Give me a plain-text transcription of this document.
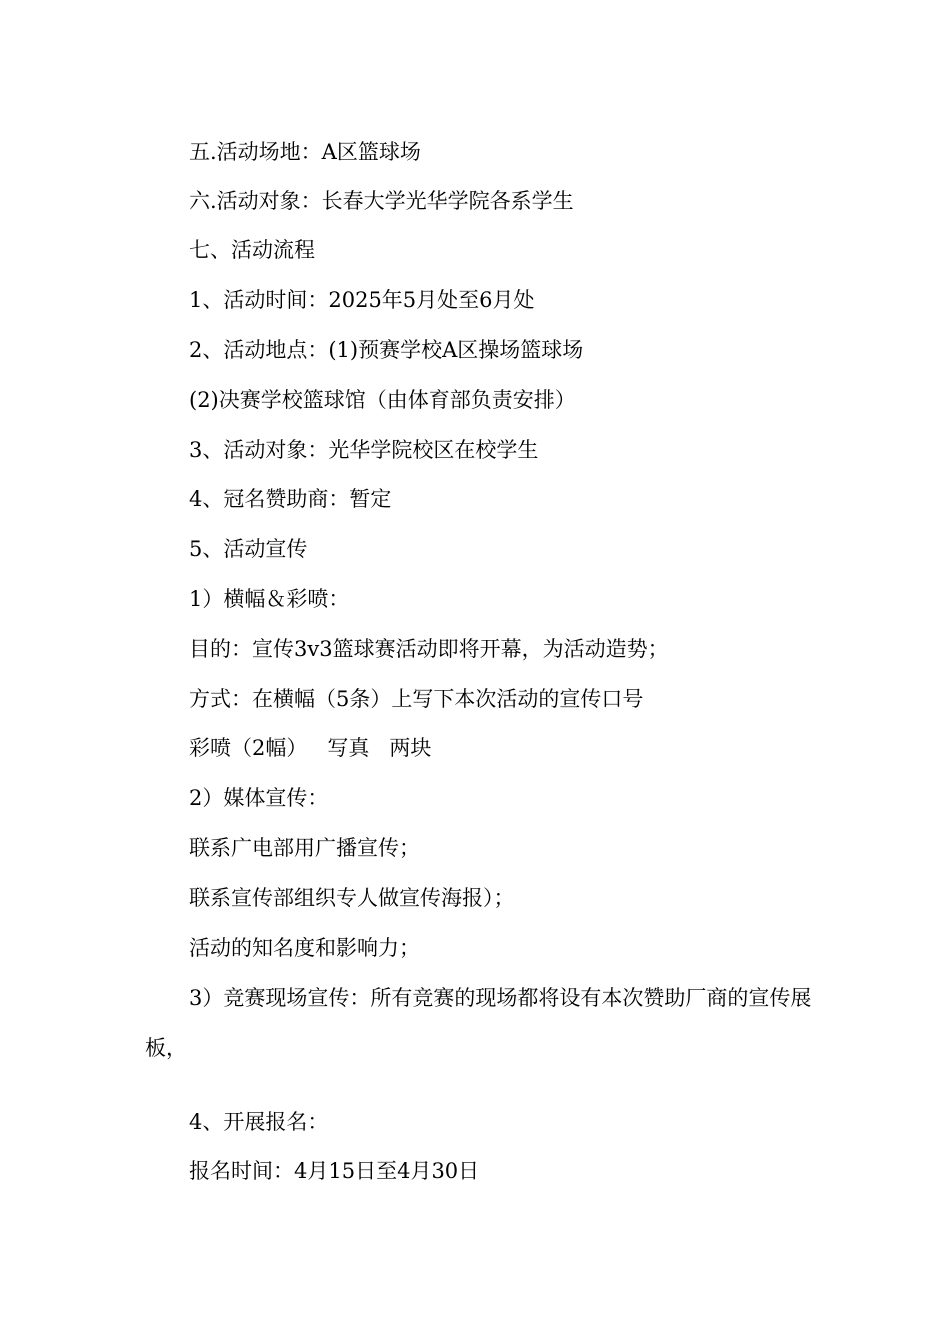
五.活动场地：A区篮球场
六.活动对象：长春大学光华学院各系学生
七、活动流程
1、活动时间：2025年5月处至6月处
2、活动地点：(1)预赛学校A区操场篮球场
(2)决赛学校篮球馆（由体育部负责安排）
3、活动对象：光华学院校区在校学生
4、冠名赞助商：暂定
5、活动宣传
1）横幅＆彩喷：
目的：宣传3v3篮球赛活动即将开幕，为活动造势；
方式：在横幅（5条）上写下本次活动的宣传口号
彩喷（2幅）   写真   两块
2）媒体宣传：
联系广电部用广播宣传；
联系宣传部组织专人做宣传海报）；
活动的知名度和影响力；
3）竞赛现场宣传：所有竞赛的现场都将设有本次赞助厂商的宣传展板，
4、开展报名：
报名时间：4月15日至4月30日
